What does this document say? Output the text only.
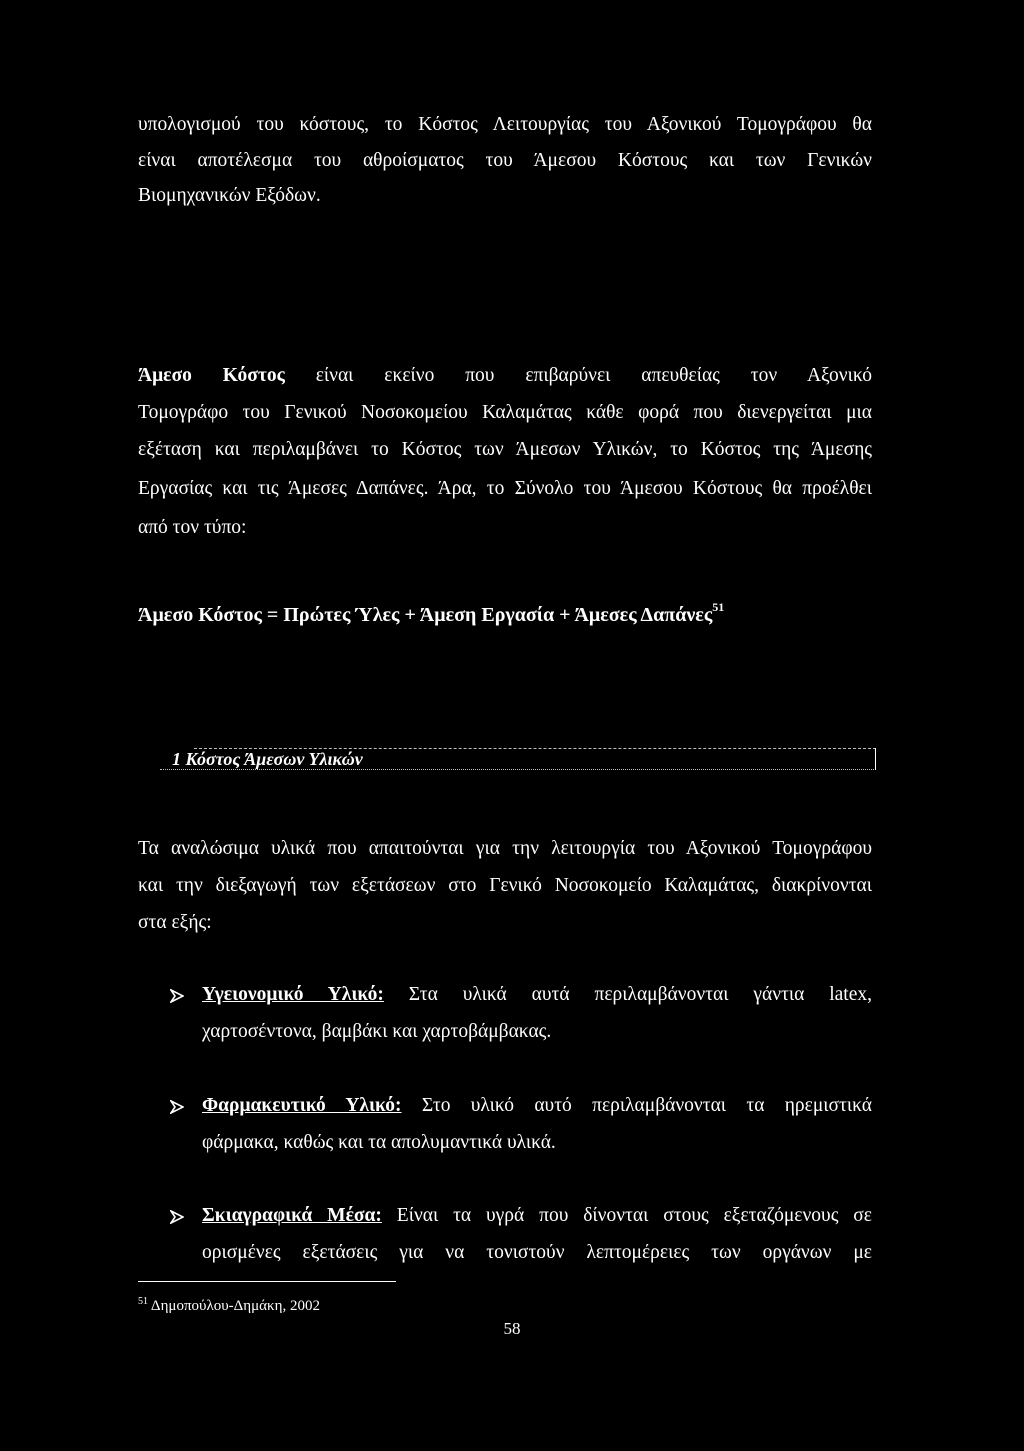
υπολογισμού του κόστους, το Κόστος Λειτουργίας του Αξονικού Τομογράφου θα
είναι αποτέλεσμα του αθροίσματος του Άμεσου Κόστους και των Γενικών
Βιομηχανικών Εξόδων.
Άμεσο Κόστος είναι εκείνο που επιβαρύνει απευθείας τον Αξονικό
Τομογράφο του Γενικού Νοσοκομείου Καλαμάτας κάθε φορά που διενεργείται μια
εξέταση και περιλαμβάνει το Κόστος των Άμεσων Υλικών, το Κόστος της Άμεσης
Εργασίας και τις Άμεσες Δαπάνες. Άρα, το Σύνολο του Άμεσου Κόστους θα προέλθει
από τον τύπο:
Άμεσο Κόστος = Πρώτες Ύλες + Άμεση Εργασία + Άμεσες Δαπάνες$^{51}$
1 Κόστος Άμεσων Υλικών
Τα αναλώσιμα υλικά που απαιτούνται για την λειτουργία του Αξονικού Τομογράφου
και την διεξαγωγή των εξετάσεων στο Γενικό Νοσοκομείο Καλαμάτας, διακρίνονται
στα εξής:
Υγειονομικό Υλικό: Στα υλικά αυτά περιλαμβάνονται γάντια latex,
χαρτοσέντονα, βαμβάκι και χαρτοβάμβακας.
Φαρμακευτικό Υλικό: Στο υλικό αυτό περιλαμβάνονται τα ηρεμιστικά
φάρμακα, καθώς και τα απολυμαντικά υλικά.
Σκιαγραφικά Μέσα: Είναι τα υγρά που δίνονται στους εξεταζόμενους σε
ορισμένες εξετάσεις για να τονιστούν λεπτομέρειες των οργάνων με
$^{51}$ Δημοπούλου-Δημάκη, 2002
58
